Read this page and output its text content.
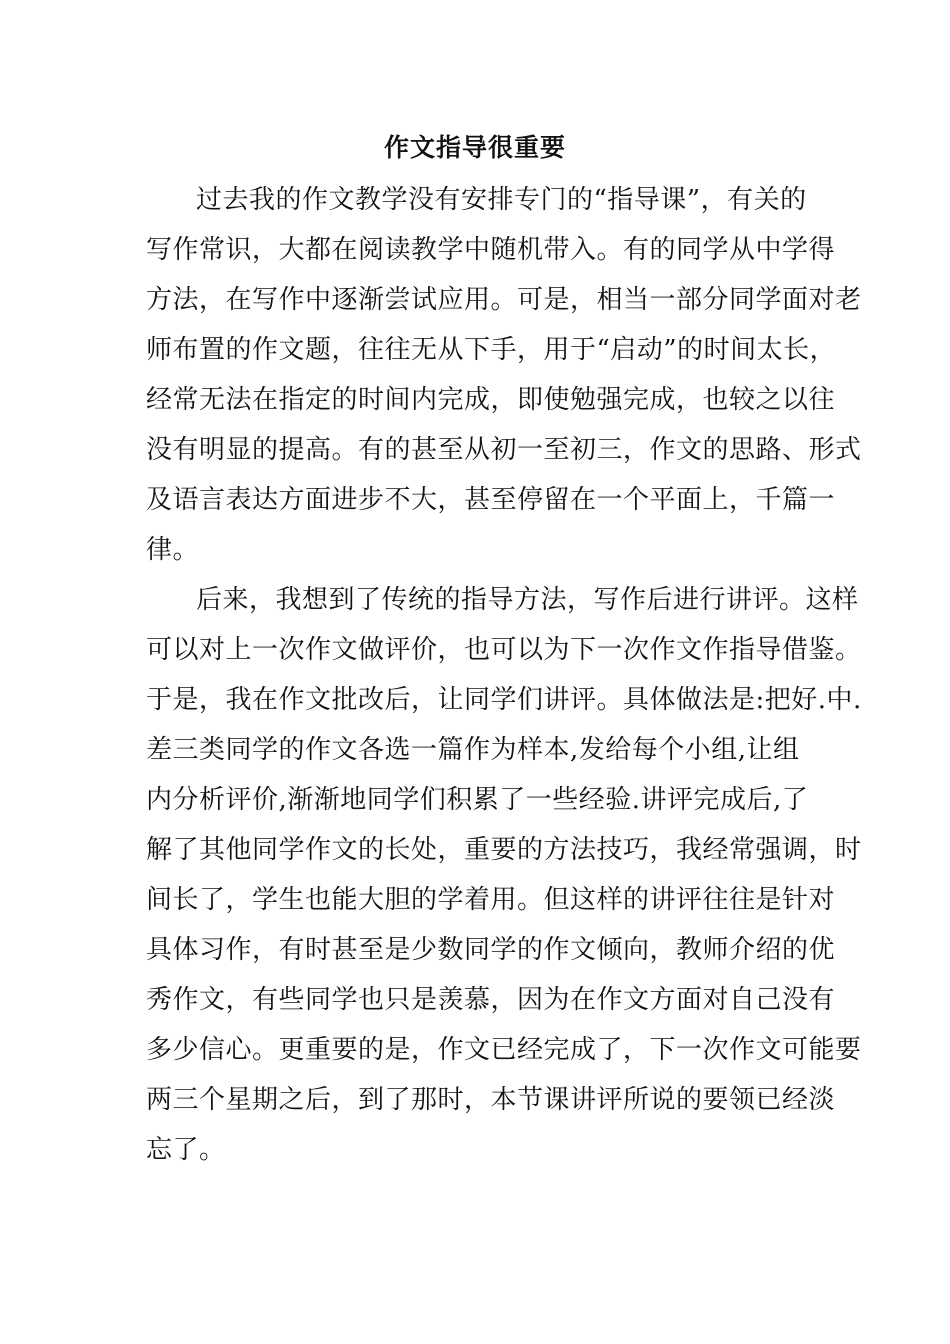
作文指导很重要
过去我的作文教学没有安排专门的“指导课”，有关的
写作常识，大都在阅读教学中随机带入。有的同学从中学得
方法，在写作中逐渐尝试应用。可是，相当一部分同学面对老
师布置的作文题，往往无从下手，用于“启动”的时间太长，
经常无法在指定的时间内完成，即使勉强完成，也较之以往
没有明显的提高。有的甚至从初一至初三，作文的思路、形式
及语言表达方面进步不大，甚至停留在一个平面上，千篇一
律。
后来，我想到了传统的指导方法，写作后进行讲评。这样
可以对上一次作文做评价，也可以为下一次作文作指导借鉴。
于是，我在作文批改后，让同学们讲评。具体做法是:把好.中.
差三类同学的作文各选一篇作为样本,发给每个小组,让组
内分析评价,渐渐地同学们积累了一些经验.讲评完成后,了
解了其他同学作文的长处，重要的方法技巧，我经常强调，时
间长了，学生也能大胆的学着用。但这样的讲评往往是针对
具体习作，有时甚至是少数同学的作文倾向，教师介绍的优
秀作文，有些同学也只是羡慕，因为在作文方面对自己没有
多少信心。更重要的是，作文已经完成了，下一次作文可能要
两三个星期之后，到了那时，本节课讲评所说的要领已经淡
忘了。
